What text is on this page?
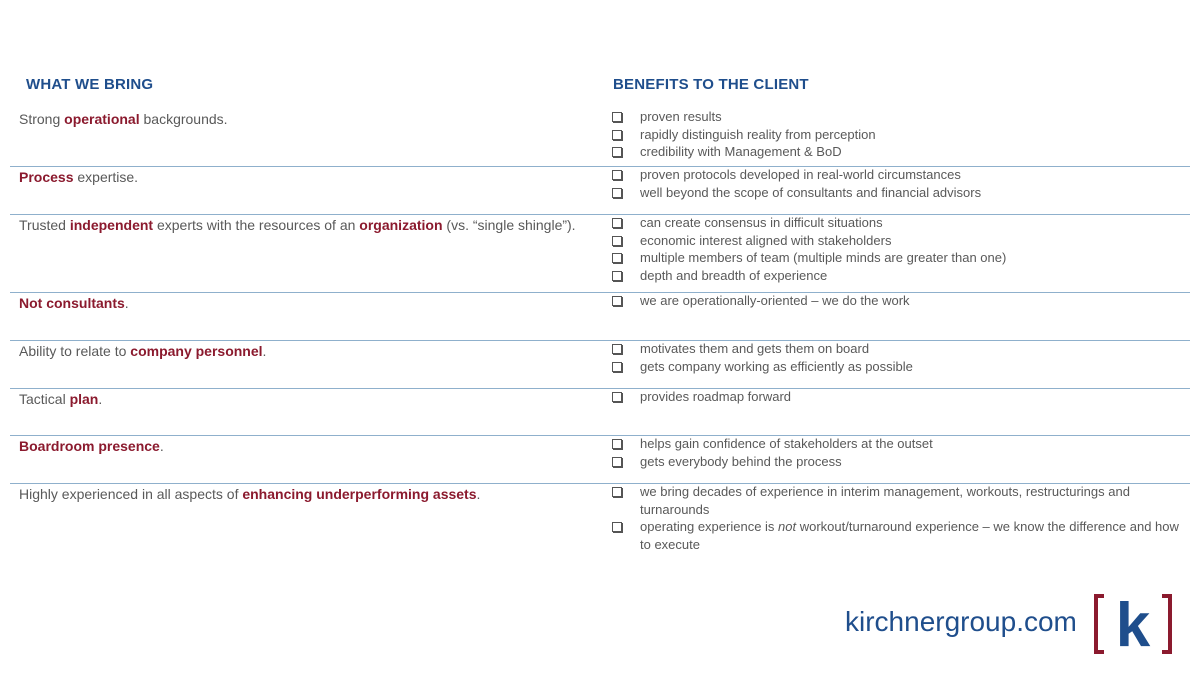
WHAT WE BRING	BENEFITS TO THE CLIENT
Strong operational backgrounds.	proven results
rapidly distinguish reality from perception
credibility with Management & BoD
Process expertise.	proven protocols developed in real-world circumstances
well beyond the scope of consultants and financial advisors
Trusted independent experts with the resources of an organization (vs. “single shingle”).	can create consensus in difficult situations
economic interest aligned with stakeholders
multiple members of team (multiple minds are greater than one)
depth and breadth of experience
Not consultants.	we are operationally-oriented – we do the work
Ability to relate to company personnel.	motivates them and gets them on board
gets company working as efficiently as possible
Tactical plan.	provides roadmap forward
Boardroom presence.	helps gain confidence of stakeholders at the outset
gets everybody behind the process
Highly experienced in all aspects of enhancing underperforming assets.	we bring decades of experience in interim management, workouts, restructurings and turnarounds
operating experience is not workout/turnaround experience – we know the difference and how to execute
kirchnergroup.com k
